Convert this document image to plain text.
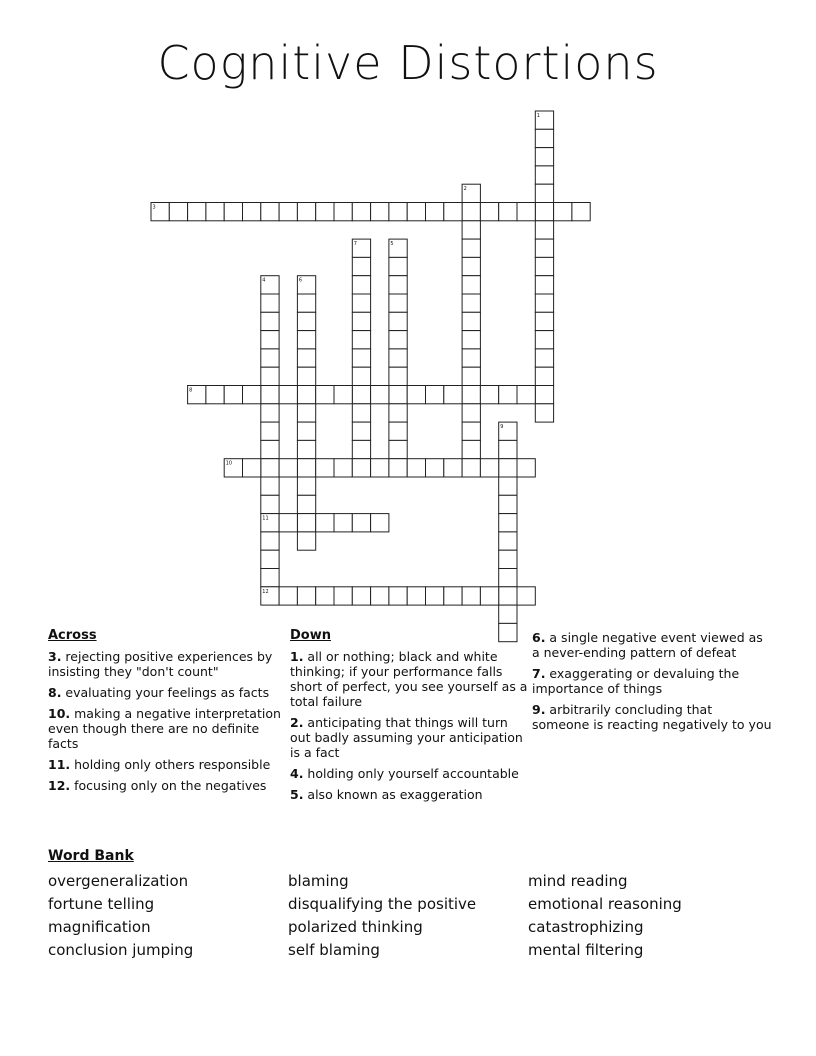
Cognitive Distortions
1
2
3
4
5
6
7
8
9
10
11
12
Across
3. rejecting positive experiences by insisting they "don't count"
8. evaluating your feelings as facts
10. making a negative interpretation even though there are no definite facts
11. holding only others responsible
12. focusing only on the negatives
Down
1. all or nothing; black and white thinking; if your performance falls short of perfect, you see yourself as a total failure
2. anticipating that things will turn out badly assuming your anticipation is a fact
4. holding only yourself accountable
5. also known as exaggeration
6. a single negative event viewed as a never-ending pattern of defeat
7. exaggerating or devaluing the importance of things
9. arbitrarily concluding that someone is reacting negatively to you
Word Bank
overgeneralization
fortune telling
magnification
conclusion jumping
blaming
disqualifying the positive
polarized thinking
self blaming
mind reading
emotional reasoning
catastrophizing
mental filtering
